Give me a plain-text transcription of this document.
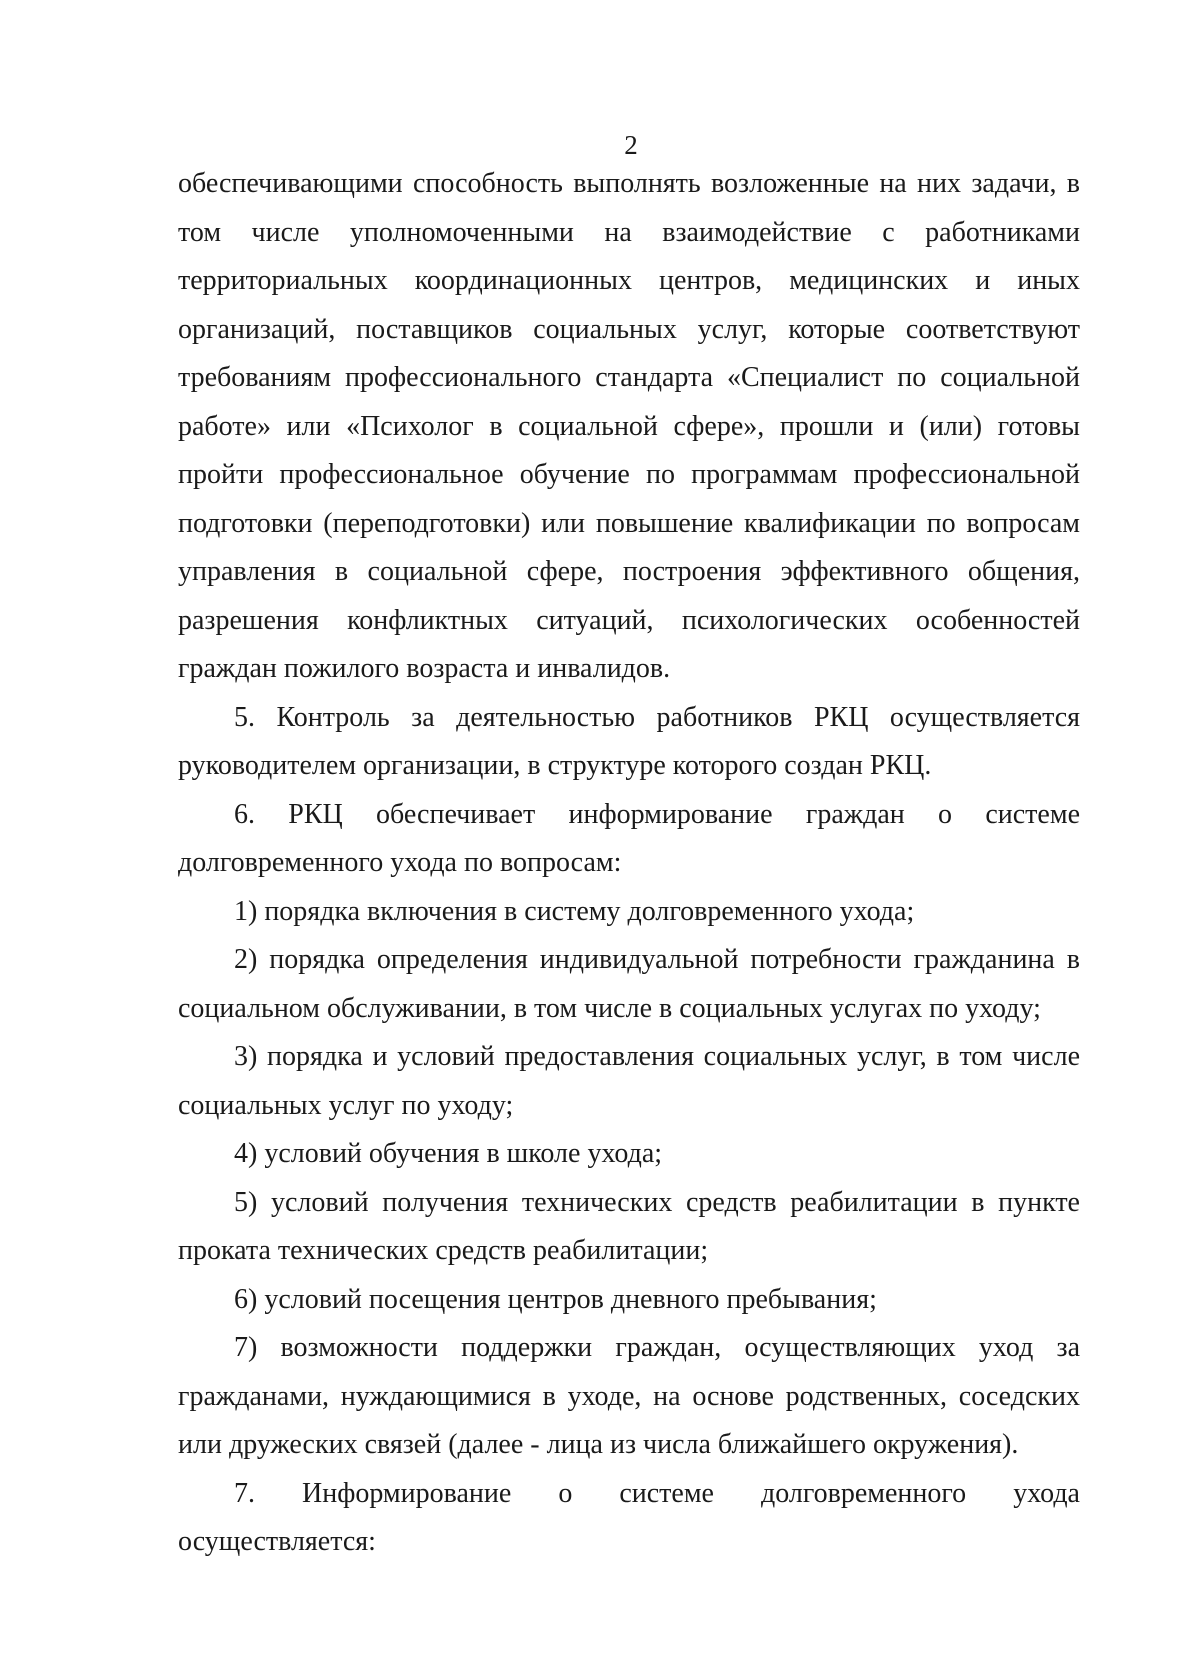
2

обеспечивающими способность выполнять возложенные на них задачи, в том числе уполномоченными на взаимодействие с работниками территориальных координационных центров, медицинских и иных организаций, поставщиков социальных услуг, которые соответствуют требованиям профессионального стандарта «Специалист по социальной работе» или «Психолог в социальной сфере», прошли и (или) готовы пройти профессиональное обучение по программам профессиональной подготовки (переподготовки) или повышение квалификации по вопросам управления в социальной сфере, построения эффективного общения, разрешения конфликтных ситуаций, психологических особенностей граждан пожилого возраста и инвалидов.

5. Контроль за деятельностью работников РКЦ осуществляется руководителем организации, в структуре которого создан РКЦ.

6. РКЦ обеспечивает информирование граждан о системе долговременного ухода по вопросам:

1) порядка включения в систему долговременного ухода;

2) порядка определения индивидуальной потребности гражданина в социальном обслуживании, в том числе в социальных услугах по уходу;

3) порядка и условий предоставления социальных услуг, в том числе социальных услуг по уходу;

4) условий обучения в школе ухода;

5) условий получения технических средств реабилитации в пункте проката технических средств реабилитации;

6) условий посещения центров дневного пребывания;

7) возможности поддержки граждан, осуществляющих уход за гражданами, нуждающимися в уходе, на основе родственных, соседских или дружеских связей (далее - лица из числа ближайшего окружения).

7. Информирование о системе долговременного ухода осуществляется:
